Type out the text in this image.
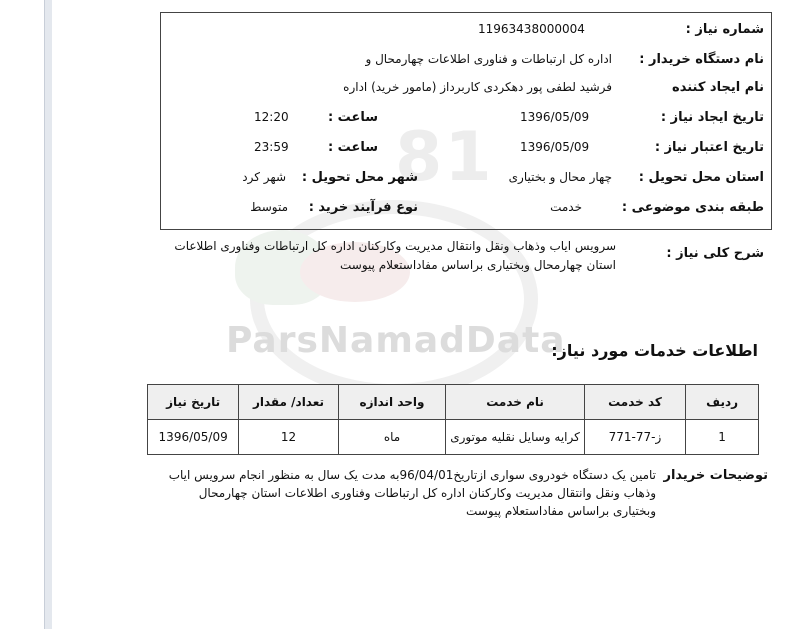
81
ParsNamadData
شماره نیاز :
11963438000004
نام دستگاه خریدار :
اداره کل ارتباطات و فناوری اطلاعات چهارمحال و
نام ایجاد کننده
فرشید لطفی پور دهکردی کاربرداز (مامور خرید) اداره
تاریخ ایجاد نیاز :
1396/05/09
ساعت :
12:20
تاریخ اعتبار نیاز :
1396/05/09
ساعت :
23:59
استان محل تحویل :
چهار محال و بختیاری
شهر محل تحویل :
شهر کرد
طبقه بندی موضوعی :
خدمت
نوع فرآیند خرید :
متوسط
شرح کلی نیاز :
سرویس ایاب وذهاب ونقل وانتقال مدیریت وکارکنان اداره کل ارتباطات وفناوری اطلاعات
استان چهارمحال وبختیاری براساس مفاداستعلام پیوست
اطلاعات خدمات مورد نیاز:
ردیف	کد خدمت	نام خدمت	واحد اندازه	تعداد/ مقدار	تاریخ نیاز
1	ز-77-771	کرایه وسایل نقلیه موتوری	ماه	12	1396/05/09
توضیحات خریدار
تامین یک دستگاه خودروی سواری ازتاریخ96/04/01به مدت یک سال به منظور انجام سرویس ایاب
وذهاب ونقل وانتقال مدیریت وکارکنان اداره کل ارتباطات وفناوری اطلاعات استان چهارمحال
وبختیاری براساس مفاداستعلام پیوست
